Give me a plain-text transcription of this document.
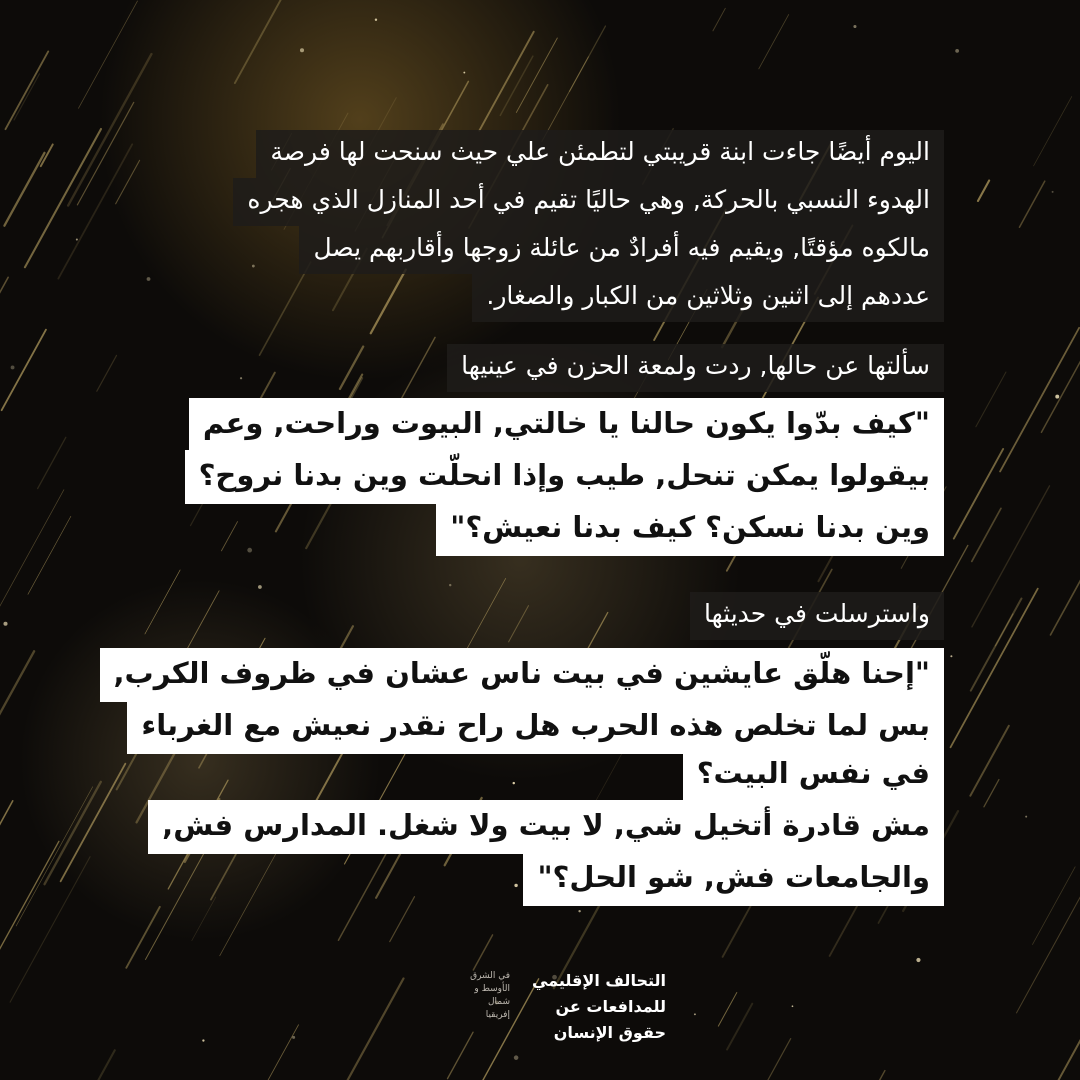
اليوم أيضًا جاءت ابنة قريبتي لتطمئن علي حيث سنحت لها فرصة
الهدوء النسبي بالحركة, وهي حاليًا تقيم في أحد المنازل الذي هجره
مالكوه مؤقتًا, ويقيم فيه أفرادٌ من عائلة زوجها وأقاربهم يصل
عددهم إلى اثنين وثلاثين من الكبار والصغار.
سألتها عن حالها, ردت ولمعة الحزن في عينيها
"كيف بدّوا يكون حالنا يا خالتي, البيوت وراحت, وعم
بيقولوا يمكن تنحل, طيب وإذا انحلّت وين بدنا نروح؟
وين بدنا نسكن؟ كيف بدنا نعيش؟"
واسترسلت في حديثها
"إحنا هلّق عايشين في بيت ناس عشان في ظروف الكرب,
بس لما تخلص هذه الحرب هل راح نقدر نعيش مع الغرباء
في نفس البيت؟
مش قادرة أتخيل شي, لا بيت ولا شغل. المدارس فش,
والجامعات فش, شو الحل؟"
التحالف الإقليمي
للمدافعات عن
حقوق الإنسان
في الشرق
الأوسط و
شمال
إفريقيا
